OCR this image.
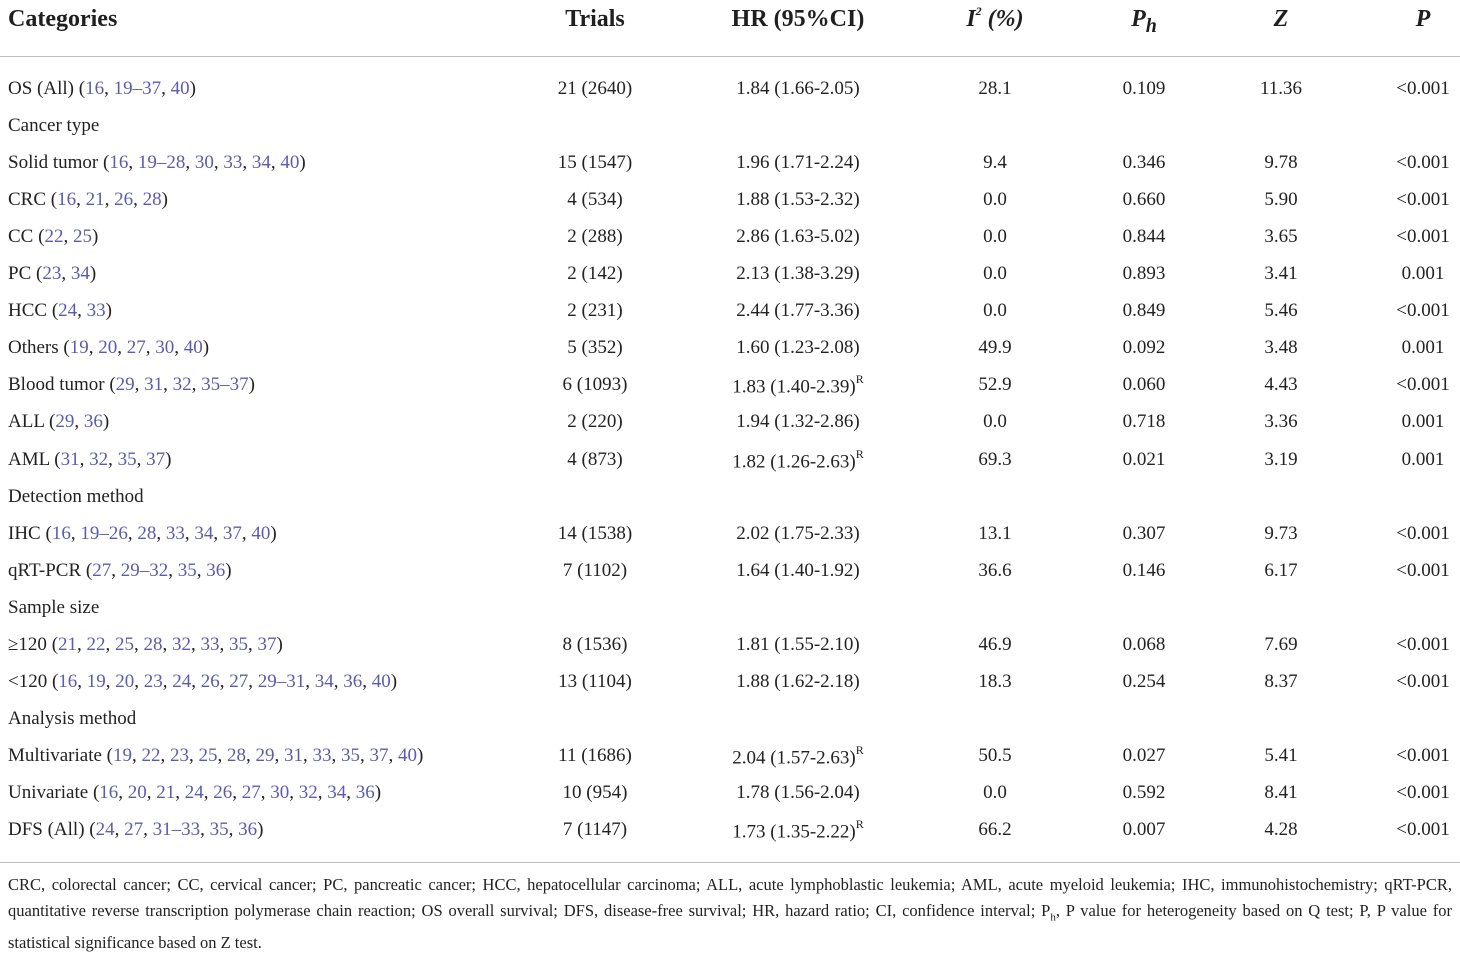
Categories	Trials	HR (95%CI)	$I^2$ (%)	$P_h$	Z	P
OS (All) (16, 19–37, 40)	21 (2640)	1.84 (1.66-2.05)	28.1	0.109	11.36	<0.001
Cancer type
Solid tumor (16, 19–28, 30, 33, 34, 40)	15 (1547)	1.96 (1.71-2.24)	9.4	0.346	9.78	<0.001
CRC (16, 21, 26, 28)	4 (534)	1.88 (1.53-2.32)	0.0	0.660	5.90	<0.001
CC (22, 25)	2 (288)	2.86 (1.63-5.02)	0.0	0.844	3.65	<0.001
PC (23, 34)	2 (142)	2.13 (1.38-3.29)	0.0	0.893	3.41	0.001
HCC (24, 33)	2 (231)	2.44 (1.77-3.36)	0.0	0.849	5.46	<0.001
Others (19, 20, 27, 30, 40)	5 (352)	1.60 (1.23-2.08)	49.9	0.092	3.48	0.001
Blood tumor (29, 31, 32, 35–37)	6 (1093)	1.83 $(1.40-2.39)^R$	52.9	0.060	4.43	<0.001
ALL (29, 36)	2 (220)	1.94 (1.32-2.86)	0.0	0.718	3.36	0.001
AML (31, 32, 35, 37)	4 (873)	1.82 $(1.26-2.63)^R$	69.3	0.021	3.19	0.001
Detection method
IHC (16, 19–26, 28, 33, 34, 37, 40)	14 (1538)	2.02 (1.75-2.33)	13.1	0.307	9.73	<0.001
qRT-PCR (27, 29–32, 35, 36)	7 (1102)	1.64 (1.40-1.92)	36.6	0.146	6.17	<0.001
Sample size
≥120 (21, 22, 25, 28, 32, 33, 35, 37)	8 (1536)	1.81 (1.55-2.10)	46.9	0.068	7.69	<0.001
<120 (16, 19, 20, 23, 24, 26, 27, 29–31, 34, 36, 40)	13 (1104)	1.88 (1.62-2.18)	18.3	0.254	8.37	<0.001
Analysis method
Multivariate (19, 22, 23, 25, 28, 29, 31, 33, 35, 37, 40)	11 (1686)	2.04 $(1.57-2.63)^R$	50.5	0.027	5.41	<0.001
Univariate (16, 20, 21, 24, 26, 27, 30, 32, 34, 36)	10 (954)	1.78 (1.56-2.04)	0.0	0.592	8.41	<0.001
DFS (All) (24, 27, 31–33, 35, 36)	7 (1147)	1.73 $(1.35-2.22)^R$	66.2	0.007	4.28	<0.001
CRC, colorectal cancer; CC, cervical cancer; PC, pancreatic cancer; HCC, hepatocellular carcinoma; ALL, acute lymphoblastic leukemia; AML, acute myeloid leukemia; IHC, immunohistochemistry; qRT-PCR, quantitative reverse transcription polymerase chain reaction; OS overall survival; DFS, disease-free survival; HR, hazard ratio; CI, confidence interval; $P_h$, P value for heterogeneity based on Q test; P, P value for statistical significance based on Z test.
